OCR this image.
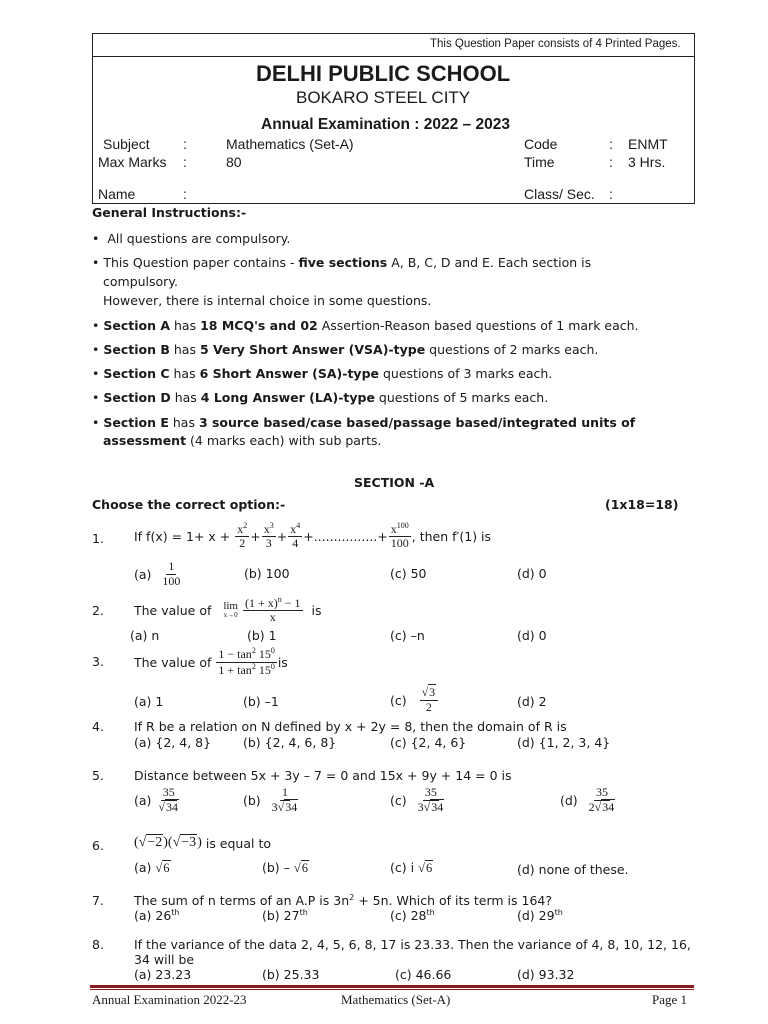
This Question Paper consists of 4 Printed Pages.
DELHI PUBLIC SCHOOL
BOKARO STEEL CITY
Annual Examination : 2022 – 2023
Subject :	Mathematics (Set-A)	Code	: ENMT
Max Marks :	80	Time	: 3 Hrs.
Name	:	Class/ Sec. :
General Instructions:-
• All questions are compulsory.
• This Question paper contains - five sections A, B, C, D and E. Each section is
compulsory.
However, there is internal choice in some questions.
• Section A has 18 MCQ's and 02 Assertion-Reason based questions of 1 mark each.
• Section B has 5 Very Short Answer (VSA)-type questions of 2 marks each.
• Section C has 6 Short Answer (SA)-type questions of 3 marks each.
• Section D has 4 Long Answer (LA)-type questions of 5 marks each.
• Section E has 3 source based/case based/passage based/integrated units of
assessment (4 marks each) with sub parts.
SECTION -A
Choose the correct option:-	(1x18=18)
1. If f(x) = 1+ x +
$\frac{x^2}{2} + \frac{x^3}{3} + \frac{x^4}{4}$ +................+ $\frac{x^{100}}{100}$ , then f′(1) is
(a)
$\frac{1}{100}$	(b) 100	(c) 50	(d) 0
2. The value of
lim
x→0
$\frac{(1 + x)^n - 1}{x}$
is
(a) n	(b) 1	(c) –n	(d) 0
3. The value of
$\frac{1 - \tan^2 15^0}{1 + \tan^2 15^0}$ is
(a) 1	(b) –1	(c)
$\frac{√3}{2}$	(d) 2
4. If R be a relation on N defined by x + 2y = 8, then the domain of R is
(a) {2, 4, 8}	(b) {2, 4, 6, 8}	(c) {2, 4, 6}	(d) {1, 2, 3, 4}
5. Distance between 5x + 3y – 7 = 0 and 15x + 9y + 14 = 0 is
(a)
$\frac{35}{√34}$	(b)
$\frac{1}{3√34}$	(c)
$\frac{35}{3√34}$	(d)
$\frac{35}{2√34}$
6. (√−2)(√−3)
is equal to
(a) √6	(b) – √6	(c) i √6	(d) none of these.
7. The sum of n terms of an A.P is $3n^2 + 5n$. Which of its term is 164?
(a) 26th	(b) 27th	(c) 28th	(d) 29th
8. If the variance of the data 2, 4, 5, 6, 8, 17 is 23.33. Then the variance of 4, 8, 10, 12, 16,
34 will be
(a) 23.23	(b) 25.33	(c) 46.66	(d) 93.32
Annual Examination 2022-23	Mathematics (Set-A)	Page 1
